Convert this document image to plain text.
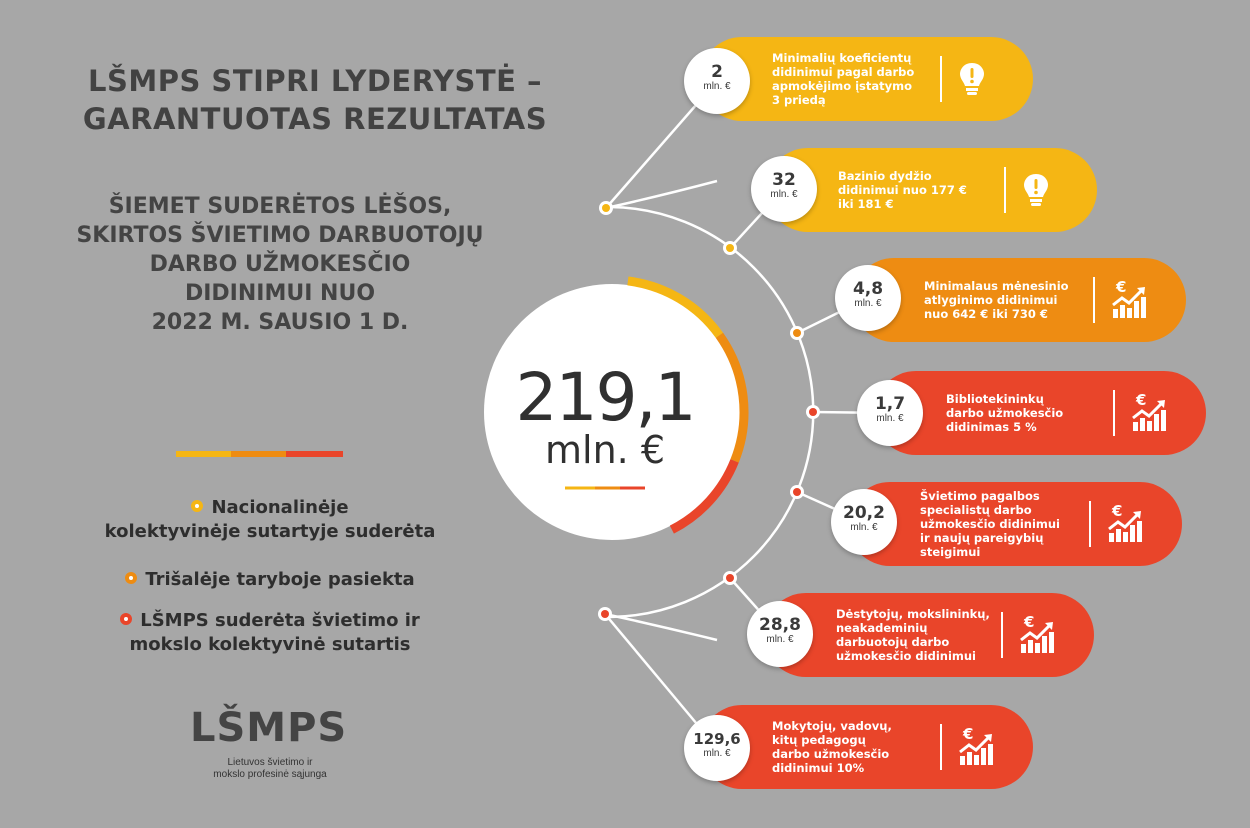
LŠMPS STIPRI LYDERYSTĖ –
GARANTUOTAS REZULTATAS
ŠIEMET SUDERĖTOS LĖŠOS,
SKIRTOS ŠVIETIMO DARBUOTOJŲ
DARBO UŽMOKESČIO
DIDINIMUI NUO
2022 M. SAUSIO 1 D.
Nacionalinėje
kolektyvinėje sutartyje suderėta
Trišalėje taryboje pasiekta
LŠMPS suderėta švietimo ir
mokslo kolektyvinė sutartis
LŠMPS
Lietuvos švietimo ir
mokslo profesinė sąjunga
219,1
mln. €
Minimalių koeficientų
didinimui pagal darbo
apmokėjimo įstatymo
3 priedą
2
mln. €
Bazinio dydžio
didinimui nuo 177 €
iki 181 €
32
mln. €
Minimalaus mėnesinio
atlyginimo didinimui
nuo 642 € iki 730 €
€
4,8
mln. €
Bibliotekininkų
darbo užmokesčio
didinimas 5 %
€
1,7
mln. €
Švietimo pagalbos
specialistų darbo
užmokesčio didinimui
ir naujų pareigybių
steigimui
€
20,2
mln. €
Dėstytojų, mokslininkų,
neakademinių
darbuotojų darbo
užmokesčio didinimui
€
28,8
mln. €
Mokytojų, vadovų,
kitų pedagogų
darbo užmokesčio
didinimui 10%
€
129,6
mln. €
